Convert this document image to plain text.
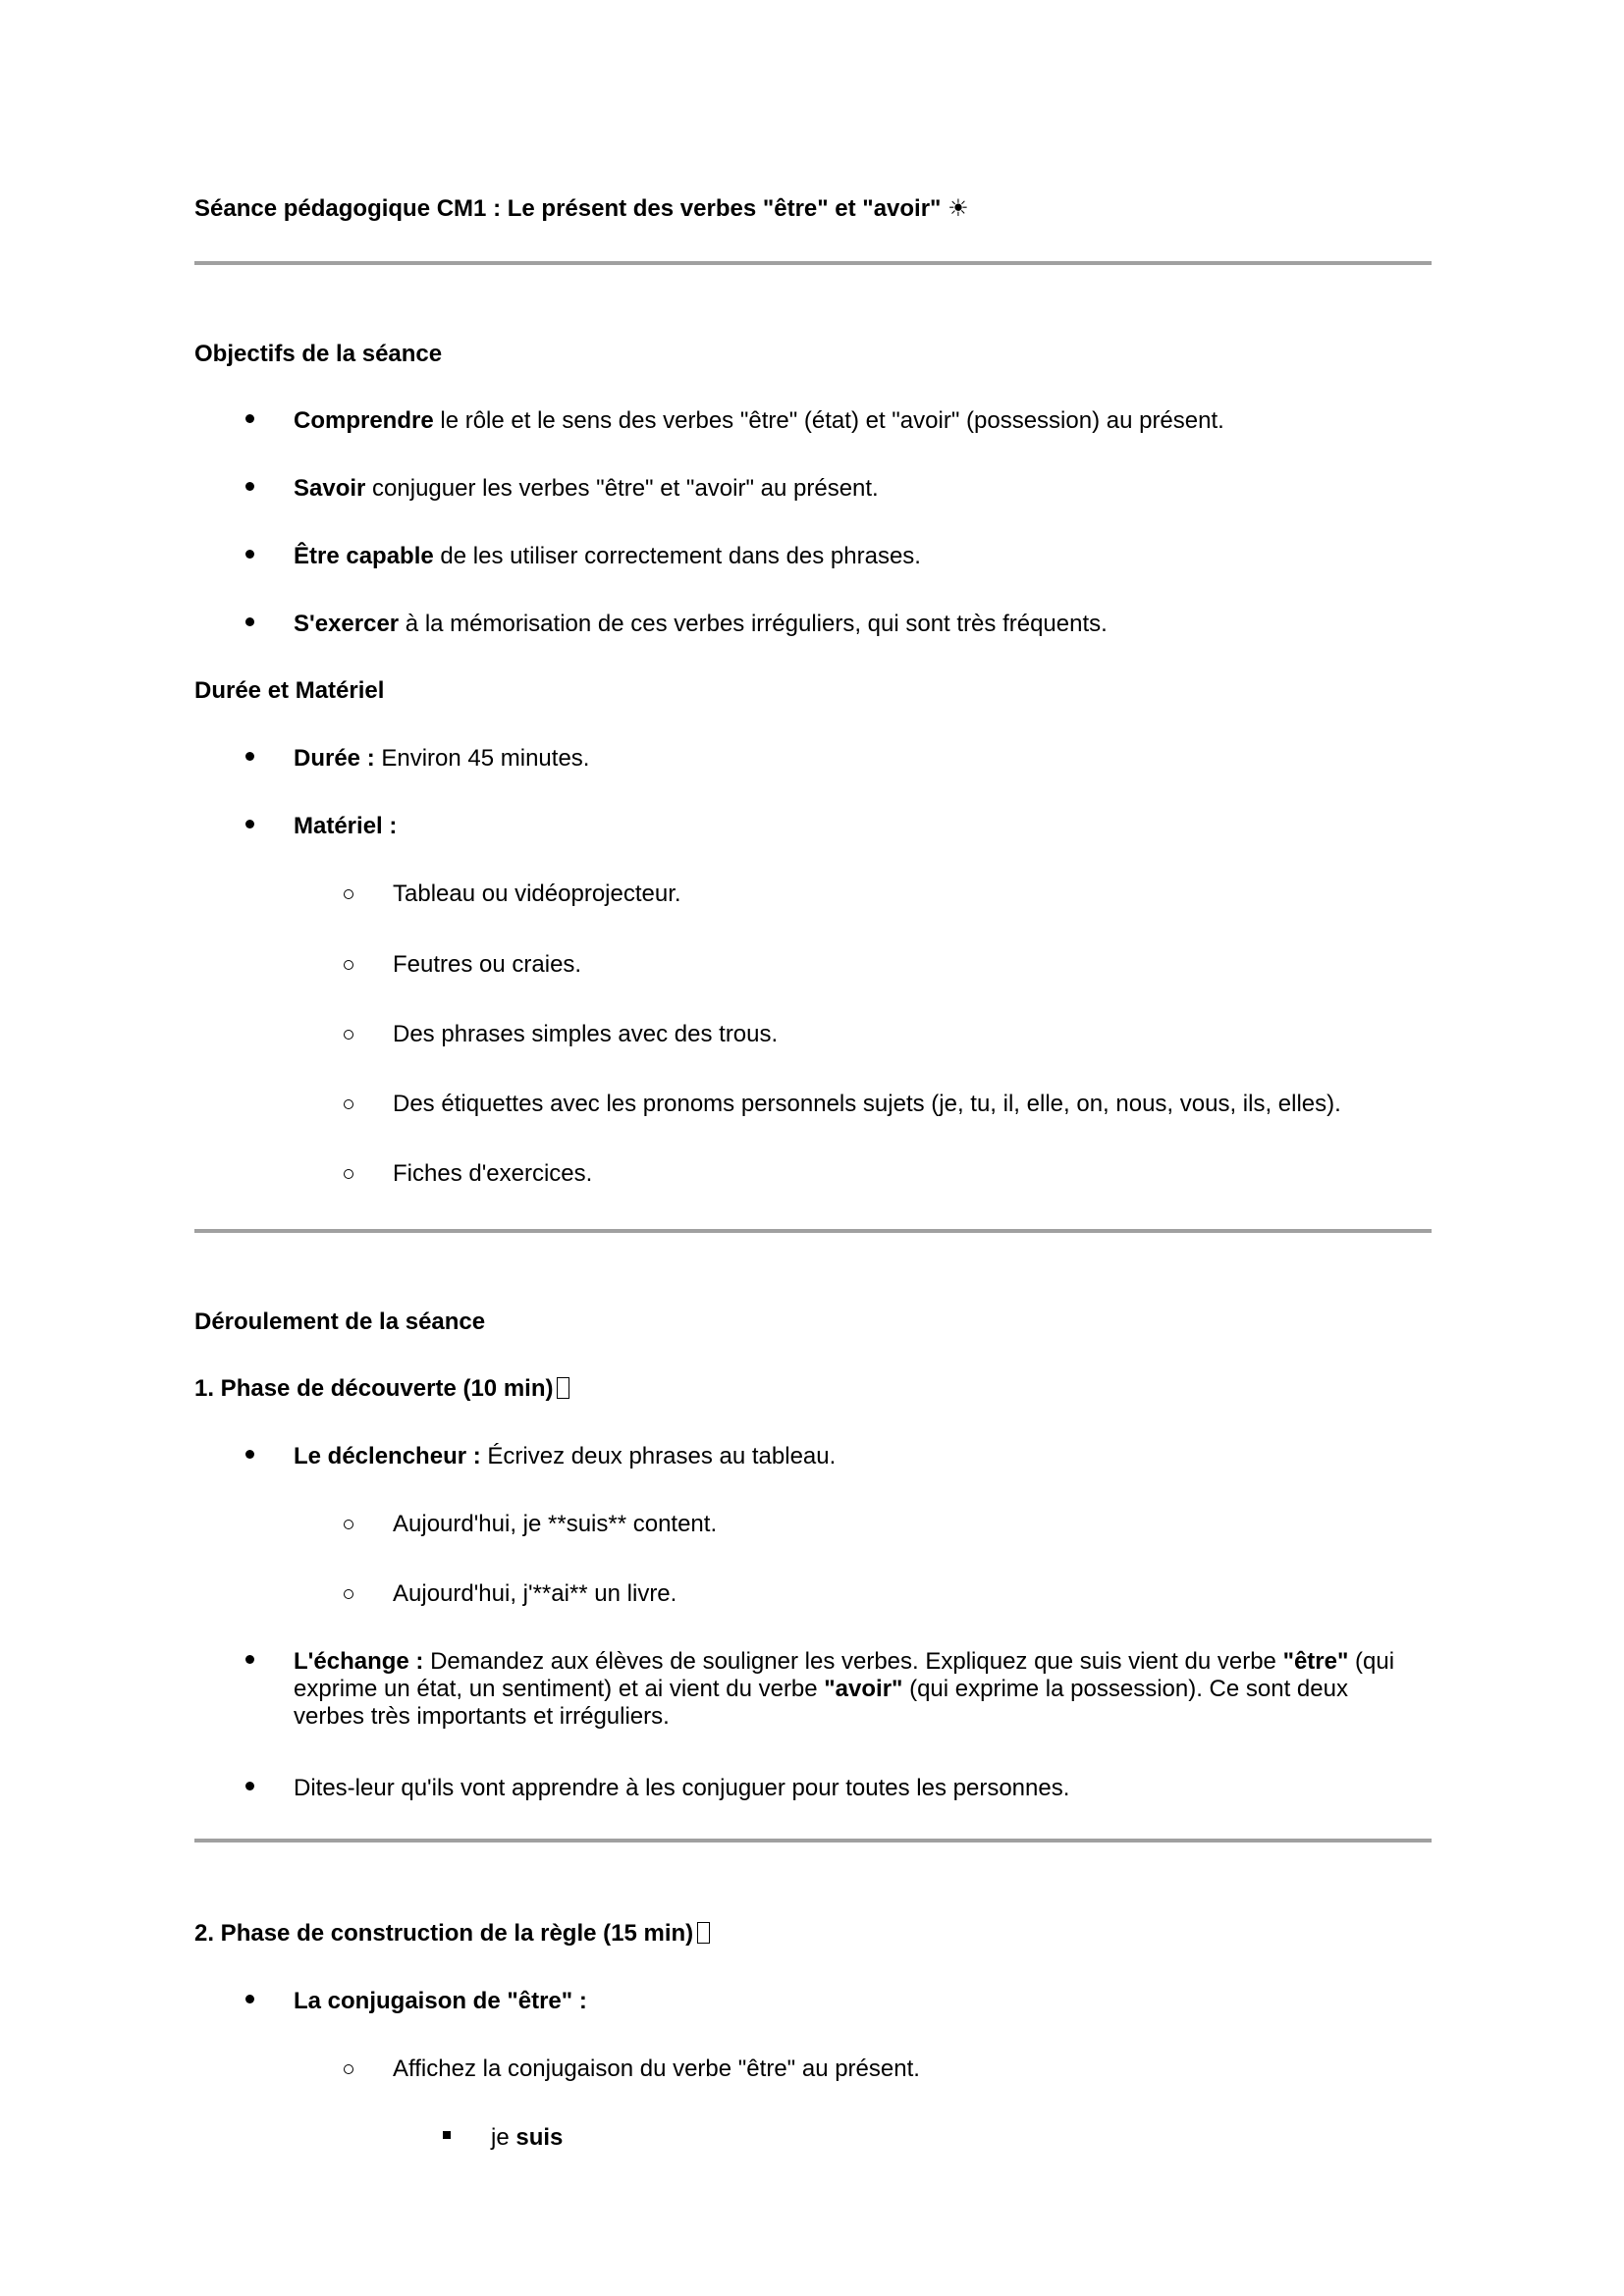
Séance pédagogique CM1 : Le présent des verbes "être" et "avoir" ☀
Objectifs de la séance
Comprendre le rôle et le sens des verbes "être" (état) et "avoir" (possession) au présent.
Savoir conjuguer les verbes "être" et "avoir" au présent.
Être capable de les utiliser correctement dans des phrases.
S'exercer à la mémorisation de ces verbes irréguliers, qui sont très fréquents.
Durée et Matériel
Durée : Environ 45 minutes.
Matériel :
Tableau ou vidéoprojecteur.
Feutres ou craies.
Des phrases simples avec des trous.
Des étiquettes avec les pronoms personnels sujets (je, tu, il, elle, on, nous, vous, ils, elles).
Fiches d'exercices.
Déroulement de la séance
1. Phase de découverte (10 min)
Le déclencheur : Écrivez deux phrases au tableau.
Aujourd'hui, je **suis** content.
Aujourd'hui, j'**ai** un livre.
L'échange : Demandez aux élèves de souligner les verbes. Expliquez que suis vient du verbe "être" (qui exprime un état, un sentiment) et ai vient du verbe "avoir" (qui exprime la possession). Ce sont deux verbes très importants et irréguliers.
Dites-leur qu'ils vont apprendre à les conjuguer pour toutes les personnes.
2. Phase de construction de la règle (15 min)
La conjugaison de "être" :
Affichez la conjugaison du verbe "être" au présent.
je suis
